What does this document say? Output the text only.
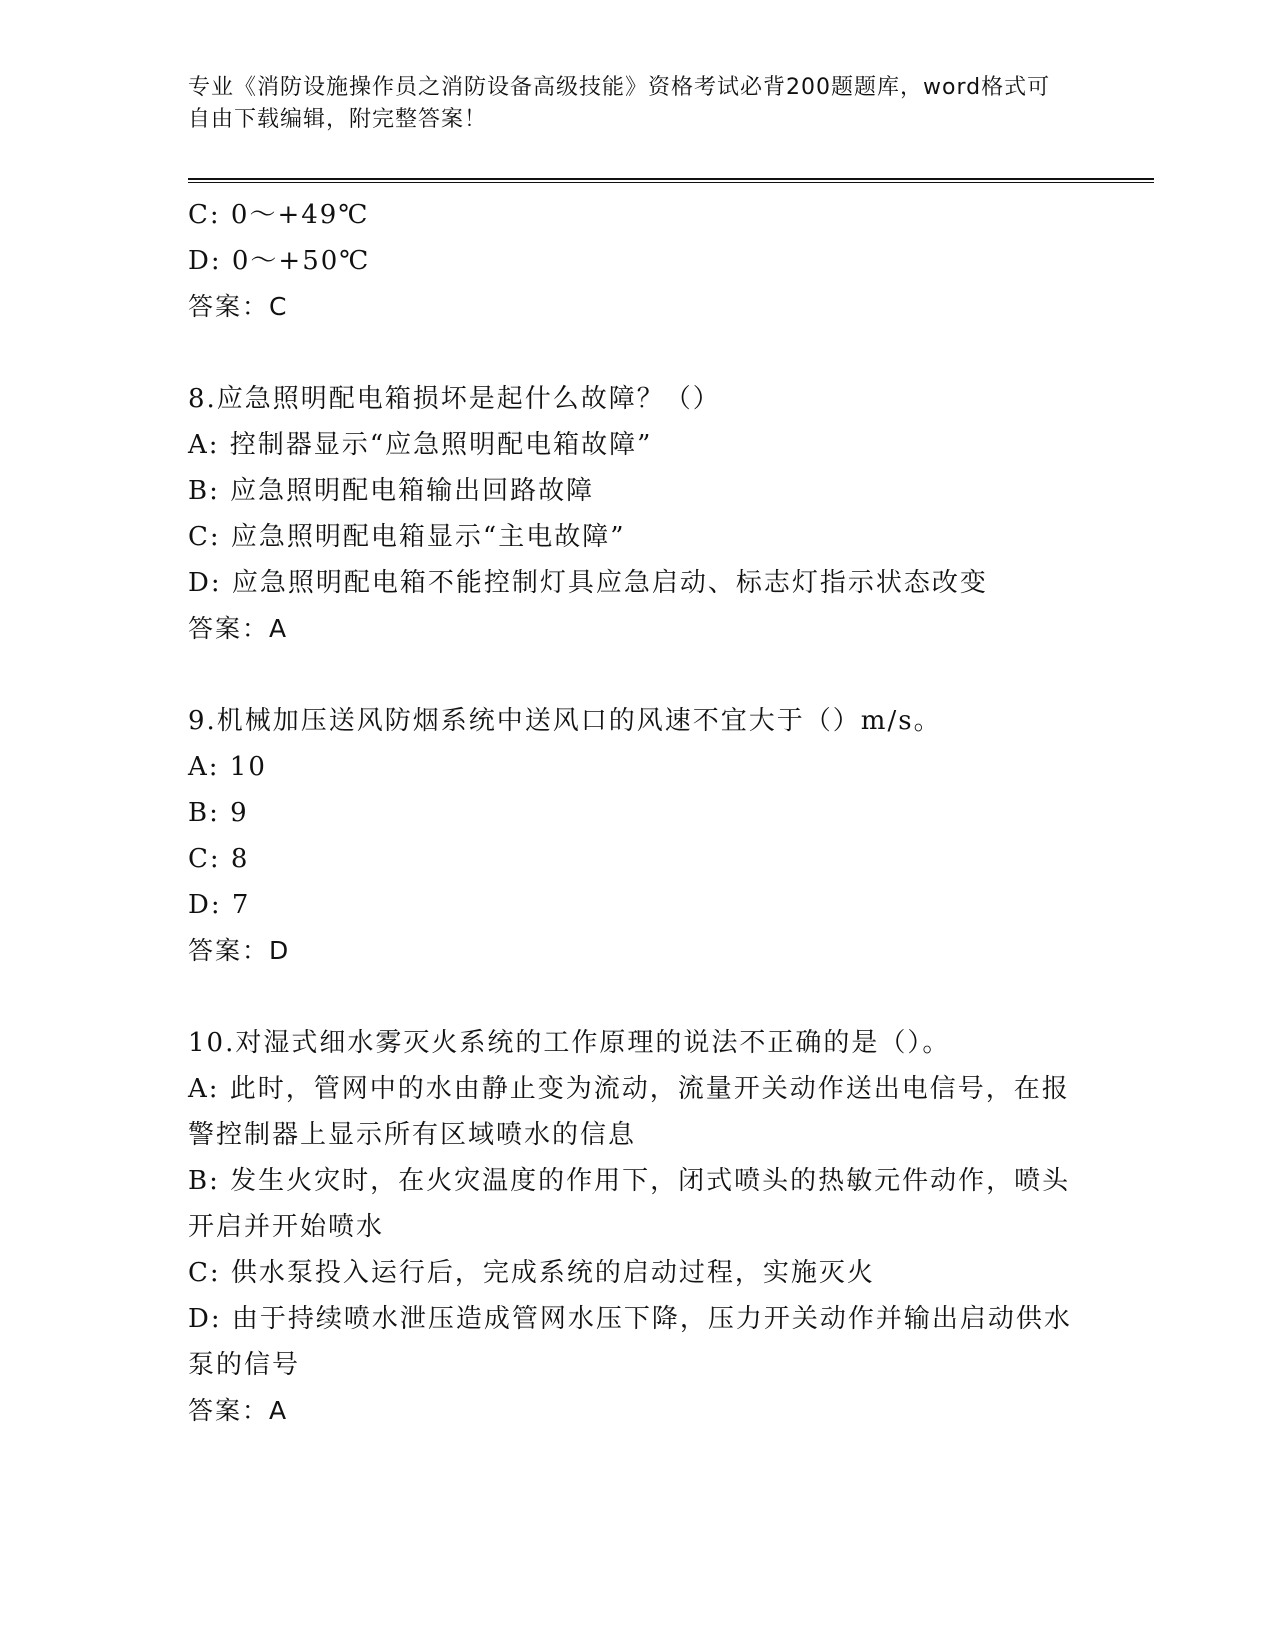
专业《消防设施操作员之消防设备高级技能》资格考试必背200题题库，word格式可自由下载编辑，附完整答案！
C: 0～+49℃
D: 0～+50℃
答案：C
8.应急照明配电箱损坏是起什么故障？（）
A: 控制器显示“应急照明配电箱故障”
B: 应急照明配电箱输出回路故障
C: 应急照明配电箱显示“主电故障”
D: 应急照明配电箱不能控制灯具应急启动、标志灯指示状态改变
答案：A
9.机械加压送风防烟系统中送风口的风速不宜大于（）m/s。
A: 10
B: 9
C: 8
D: 7
答案：D
10.对湿式细水雾灭火系统的工作原理的说法不正确的是（）。
A: 此时，管网中的水由静止变为流动，流量开关动作送出电信号，在报警控制器上显示所有区域喷水的信息
B: 发生火灾时，在火灾温度的作用下，闭式喷头的热敏元件动作，喷头开启并开始喷水
C: 供水泵投入运行后，完成系统的启动过程，实施灭火
D: 由于持续喷水泄压造成管网水压下降，压力开关动作并输出启动供水泵的信号
答案：A
